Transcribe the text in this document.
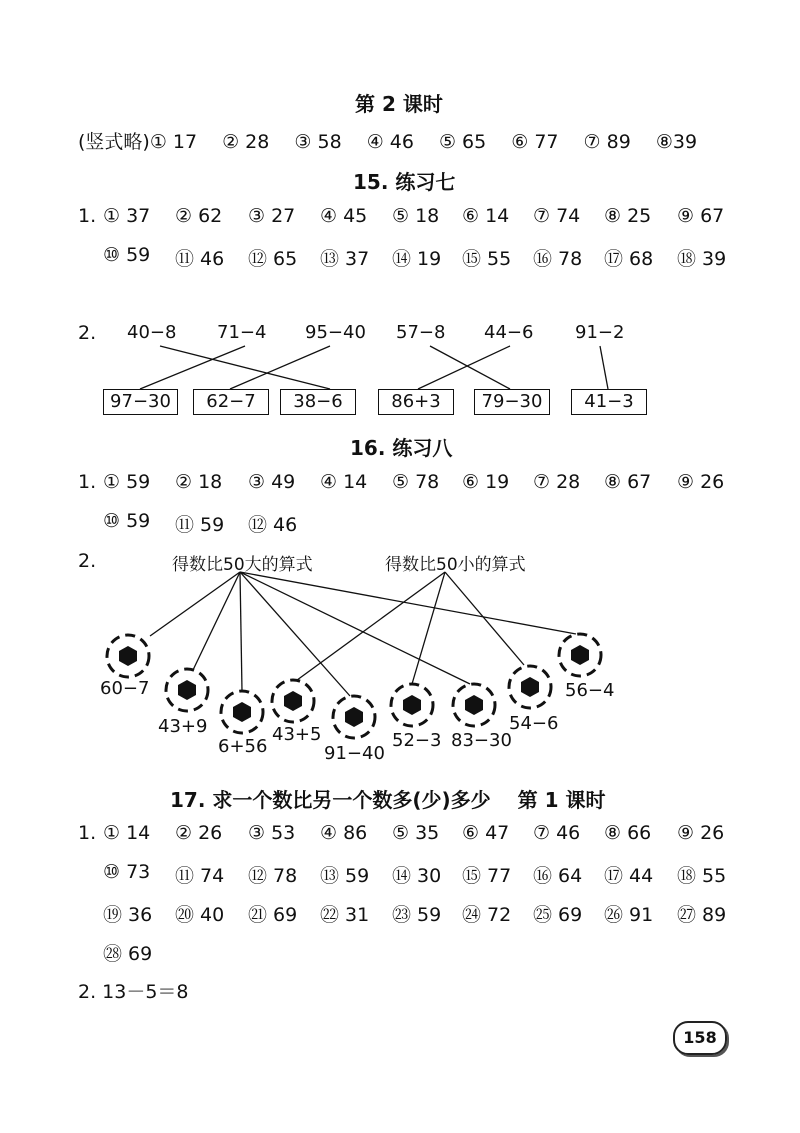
第 2 课时
(竖式略)① 17　 ② 28　 ③ 58　 ④ 46　 ⑤ 65　 ⑥ 77　 ⑦ 89　 ⑧39
15. 练习七
1. ① 37 ② 62 ③ 27 ④ 45 ⑤ 18 ⑥ 14 ⑦ 74 ⑧ 25 ⑨ 67
⑩ 59 ⑪ 46 ⑫ 65 ⑬ 37 ⑭ 19 ⑮ 55 ⑯ 78 ⑰ 68 ⑱ 39
2. 40−8 71−4 95−40 57−8 44−6 91−2
97−30	62−7	38−6	86+3	79−30	41−3
16. 练习八
1. ① 59 ② 18 ③ 49 ④ 14 ⑤ 78 ⑥ 19 ⑦ 28 ⑧ 67 ⑨ 26
⑩ 59 ⑪ 59 ⑫ 46
2.	得数比50大的算式	得数比50小的算式
60−7
43+9
6+56
43+5
91−40
52−3 83−30
54−6
56−4
17. 求一个数比另一个数多(少)多少　 第 1 课时
1. ① 14 ② 26 ③ 53 ④ 86 ⑤ 35 ⑥ 47 ⑦ 46 ⑧ 66 ⑨ 26
⑩ 73 ⑪ 74 ⑫ 78 ⑬ 59 ⑭ 30 ⑮ 77 ⑯ 64 ⑰ 44 ⑱ 55
⑲ 36 ⑳ 40 ㉑ 69 ㉒ 31 ㉓ 59 ㉔ 72 ㉕ 69 ㉖ 91 ㉗ 89
㉘ 69
2. 13－5＝8
158
